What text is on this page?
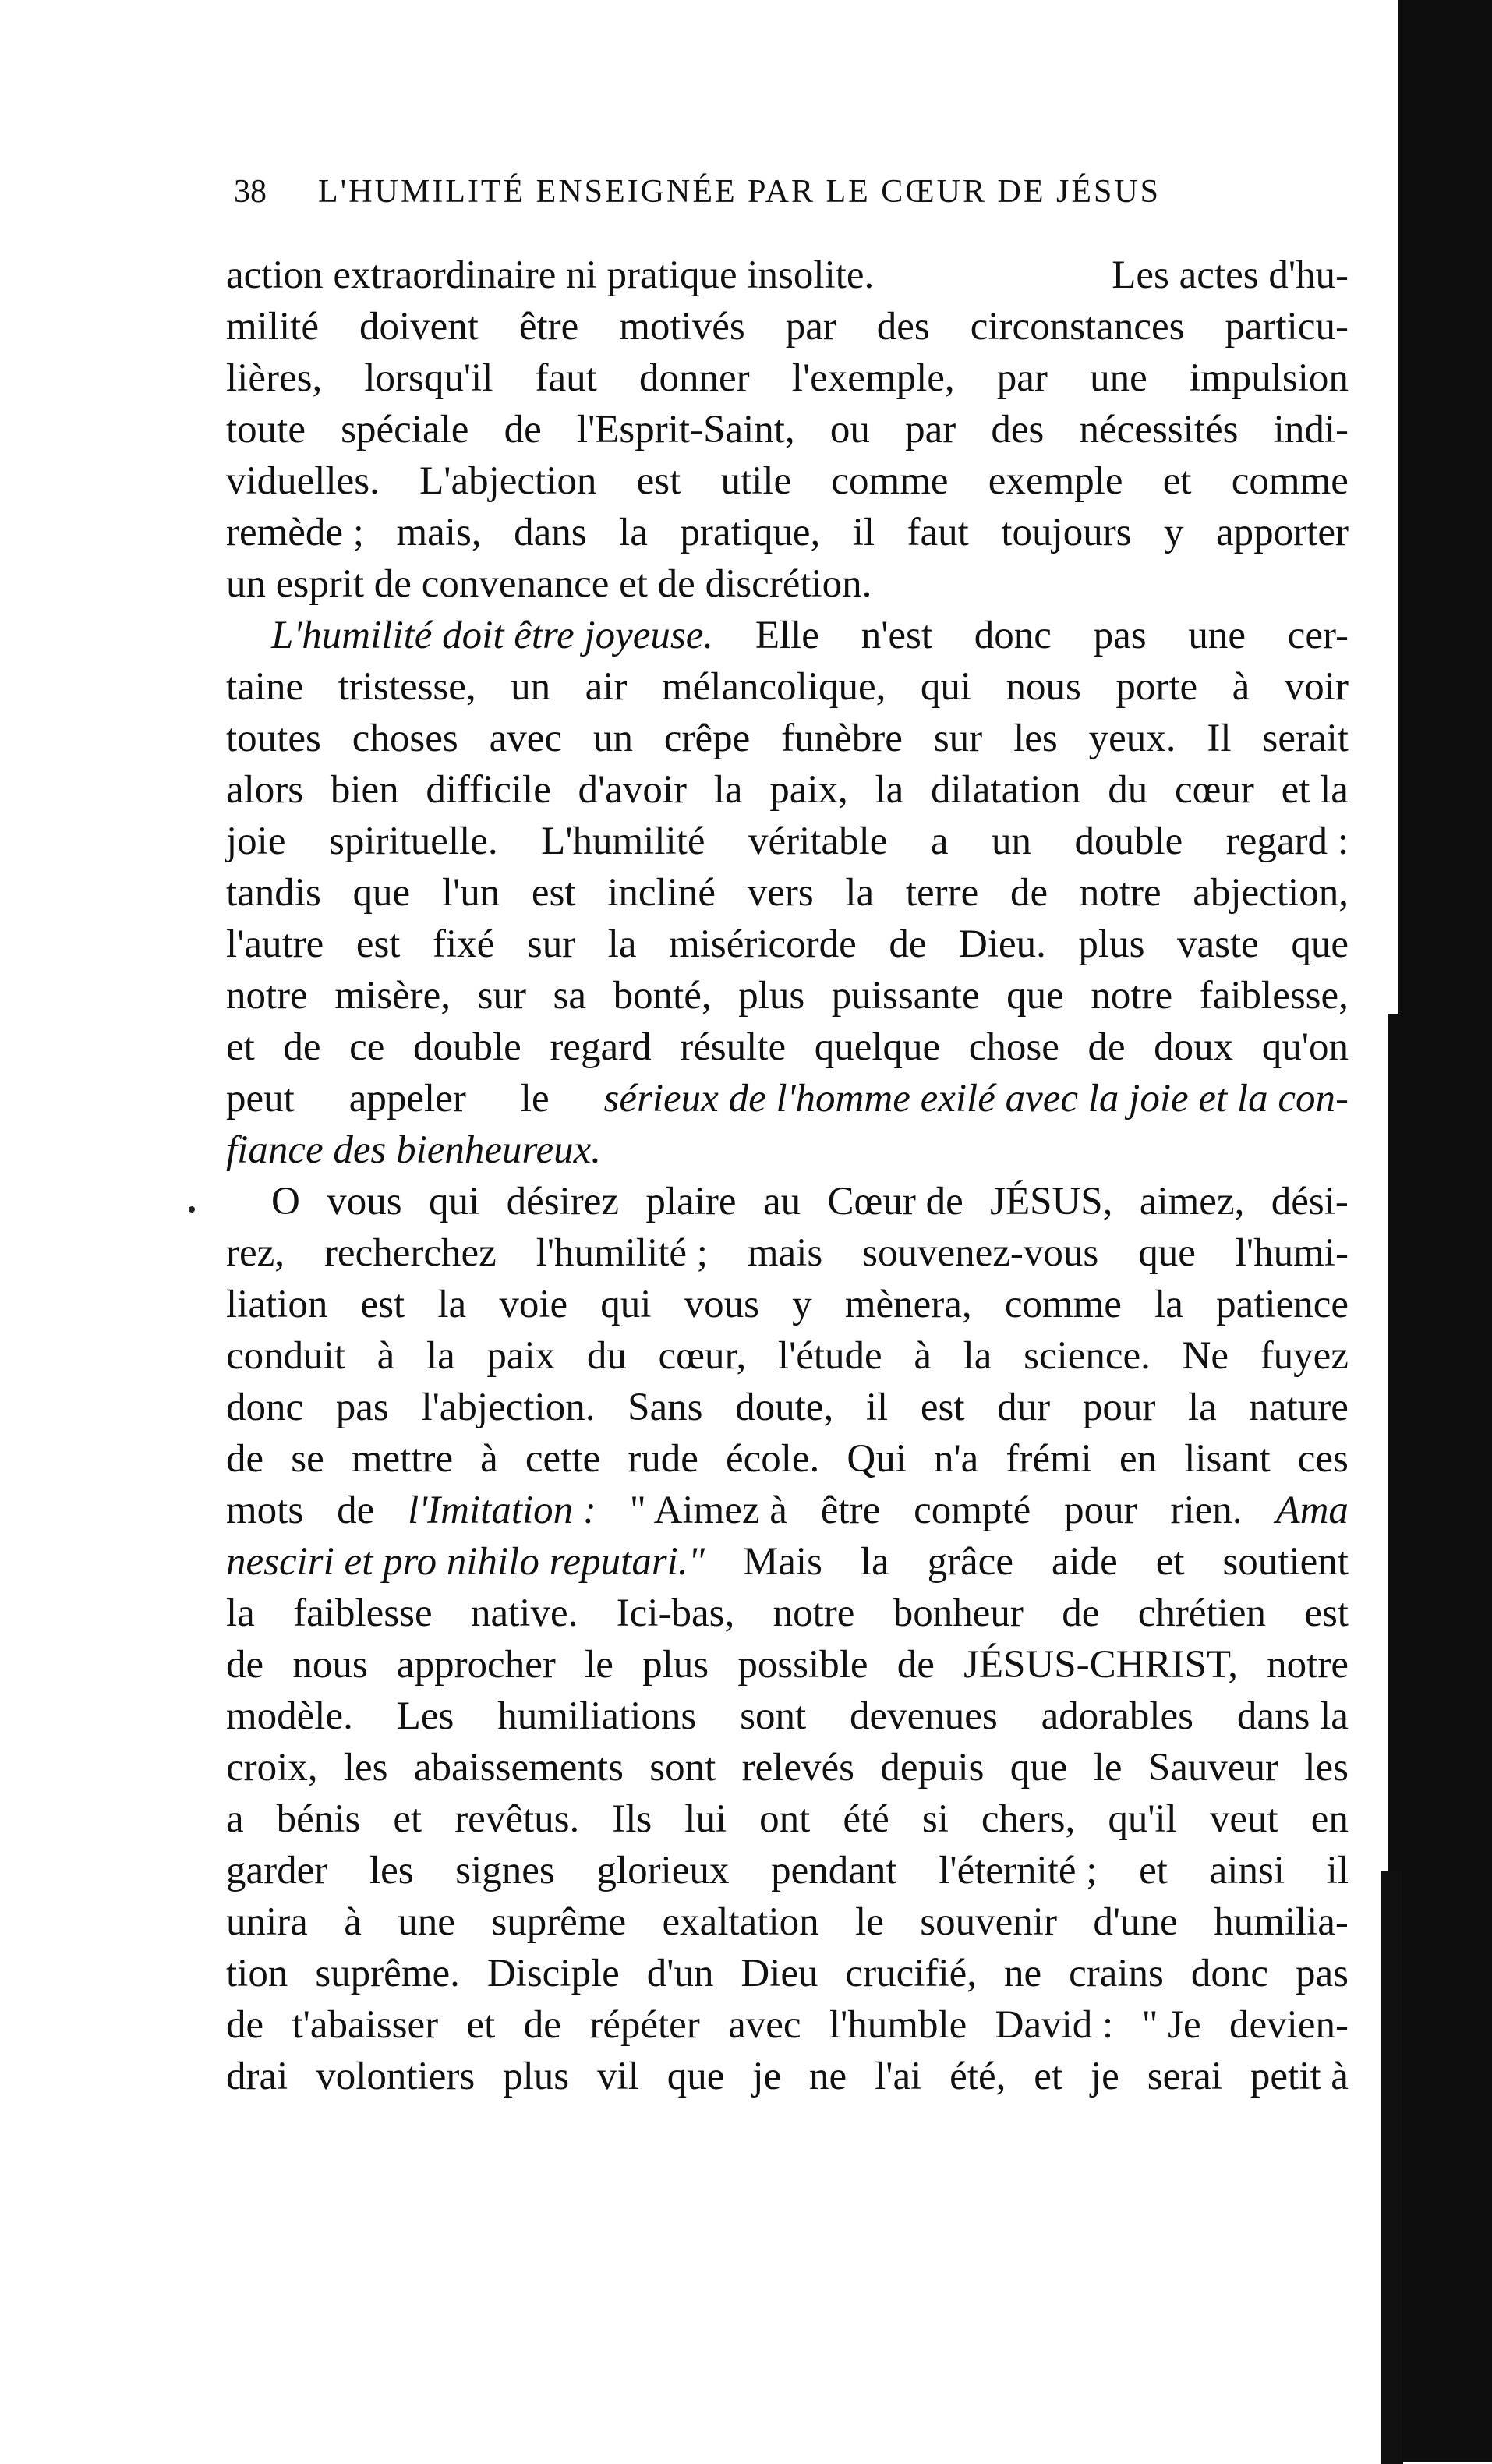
38	L'HUMILITÉ ENSEIGNÉE PAR LE CŒUR DE JÉSUS
action extraordinaire ni pratique insolite.	Les actes d'hu-
milité doivent être motivés par des circonstances particu-
lières, lorsqu'il faut donner l'exemple, par une impulsion
toute spéciale de l'Esprit-Saint, ou par des nécessités indi-
viduelles. L'abjection est utile comme exemple et comme
remède ; mais, dans la pratique, il faut toujours y apporter
un esprit de convenance et de discrétion.
L'humilité doit être joyeuse. Elle n'est donc pas une cer-
taine tristesse, un air mélancolique, qui nous porte à voir
toutes choses avec un crêpe funèbre sur les yeux. Il serait
alors bien difficile d'avoir la paix, la dilatation du cœur et la
joie spirituelle. L'humilité véritable a un double regard :
tandis que l'un est incliné vers la terre de notre abjection,
l'autre est fixé sur la miséricorde de Dieu. plus vaste que
notre misère, sur sa bonté, plus puissante que notre faiblesse,
et de ce double regard résulte quelque chose de doux qu'on
peut appeler le sérieux de l'homme exilé avec la joie et la con-
fiance des bienheureux.
O vous qui désirez plaire au Cœur de JÉSUS, aimez, dési-
rez, recherchez l'humilité ; mais souvenez-vous que l'humi-
liation est la voie qui vous y mènera, comme la patience
conduit à la paix du cœur, l'étude à la science. Ne fuyez
donc pas l'abjection. Sans doute, il est dur pour la nature
de se mettre à cette rude école. Qui n'a frémi en lisant ces
mots de l'Imitation : " Aimez à être compté pour rien. Ama
nesciri et pro nihilo reputari." Mais la grâce aide et soutient
la faiblesse native. Ici-bas, notre bonheur de chrétien est
de nous approcher le plus possible de JÉSUS-CHRIST, notre
modèle. Les humiliations sont devenues adorables dans la
croix, les abaissements sont relevés depuis que le Sauveur les
a bénis et revêtus. Ils lui ont été si chers, qu'il veut en
garder les signes glorieux pendant l'éternité ; et ainsi il
unira à une suprême exaltation le souvenir d'une humilia-
tion suprême. Disciple d'un Dieu crucifié, ne crains donc pas
de t'abaisser et de répéter avec l'humble David : " Je devien-
drai volontiers plus vil que je ne l'ai été, et je serai petit à
